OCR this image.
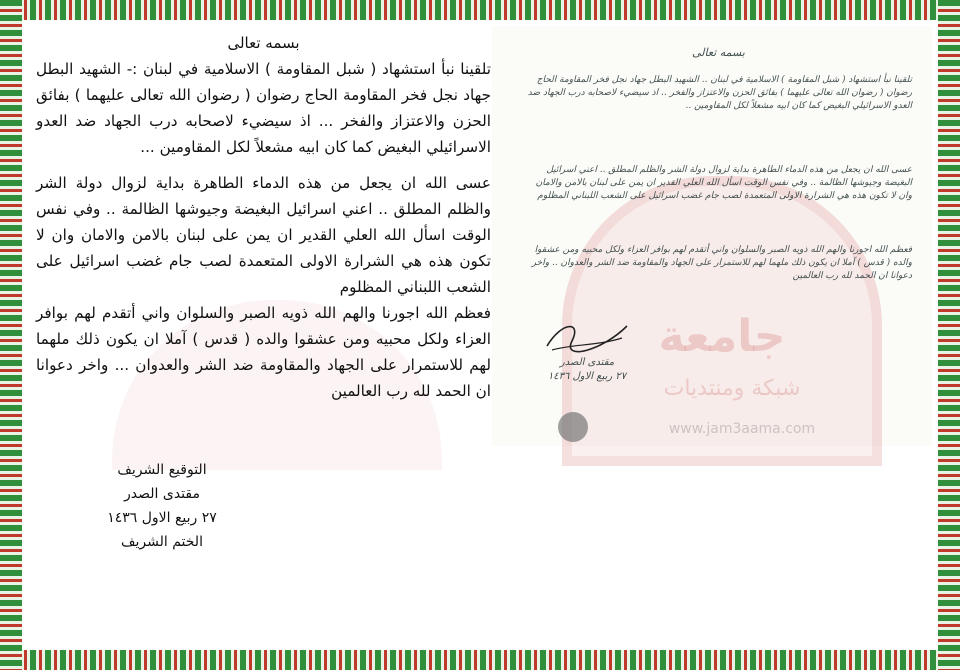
بسمه تعالى

تلقينا نبأ استشهاد ( شبل المقاومة ) الاسلامية في لبنان :- الشهيد البطل جهاد نجل فخر المقاومة الحاج رضوان ( رضوان الله تعالى عليهما ) بفائق الحزن والاعتزاز والفخر ... اذ سيضيء لاصحابه درب الجهاد ضد العدو الاسرائيلي البغيض كما كان ابيه مشعلاً لكل المقاومين ...

عسى الله ان يجعل من هذه الدماء الطاهرة بداية لزوال دولة الشر والظلم المطلق .. اعني اسرائيل البغيضة وجيوشها الظالمة .. وفي نفس الوقت اسأل الله العلي القدير ان يمن على لبنان بالامن والامان وان لا تكون هذه هي الشرارة الاولى المتعمدة لصب جام غضب اسرائيل على الشعب اللبناني المظلوم

فعظم الله اجورنا والهم الله ذويه الصبر والسلوان واني أتقدم لهم بوافر العزاء ولكل محبيه ومن عشقوا والده ( قدس ) آملا ان يكون ذلك ملهما لهم للاستمرار على الجهاد والمقاومة ضد الشر والعدوان ... واخر دعوانا ان الحمد لله رب العالمين

التوقيع الشريف
مقتدى الصدر
٢٧ ربيع الاول ١٤٣٦
الختم الشريف
جامعة
شبكة ومنتديات
www.jam3aama.com
بسمه تعالى
تلقينا نبأ استشهاد ( شبل المقاومة ) الاسلامية في لبنان .. الشهيد البطل جهاد نجل فخر المقاومة الحاج رضوان ( رضوان الله تعالى عليهما ) بفائق الحزن والاعتزاز والفخر .. اذ سيضيء لاصحابه درب الجهاد ضد العدو الاسرائيلي البغيض كما كان ابيه مشعلاً لكل المقاومين ..
عسى الله ان يجعل من هذه الدماء الطاهرة بداية لزوال دولة الشر والظلم المطلق .. اعني اسرائيل البغيضة وجيوشها الظالمة .. وفي نفس الوقت اسأل الله العلي القدير ان يمن على لبنان بالامن والامان وان لا تكون هذه هي الشرارة الاولى المتعمدة لصب جام غضب اسرائيل على الشعب اللبناني المظلوم
فعظم الله اجورنا والهم الله ذويه الصبر والسلوان واني أتقدم لهم بوافر العزاء ولكل محبيه ومن عشقوا والده ( قدس ) آملا ان يكون ذلك ملهما لهم للاستمرار على الجهاد والمقاومة ضد الشر والعدوان .. واخر دعوانا ان الحمد لله رب العالمين
مقتدى الصدر
٢٧ ربيع الاول ١٤٣٦
